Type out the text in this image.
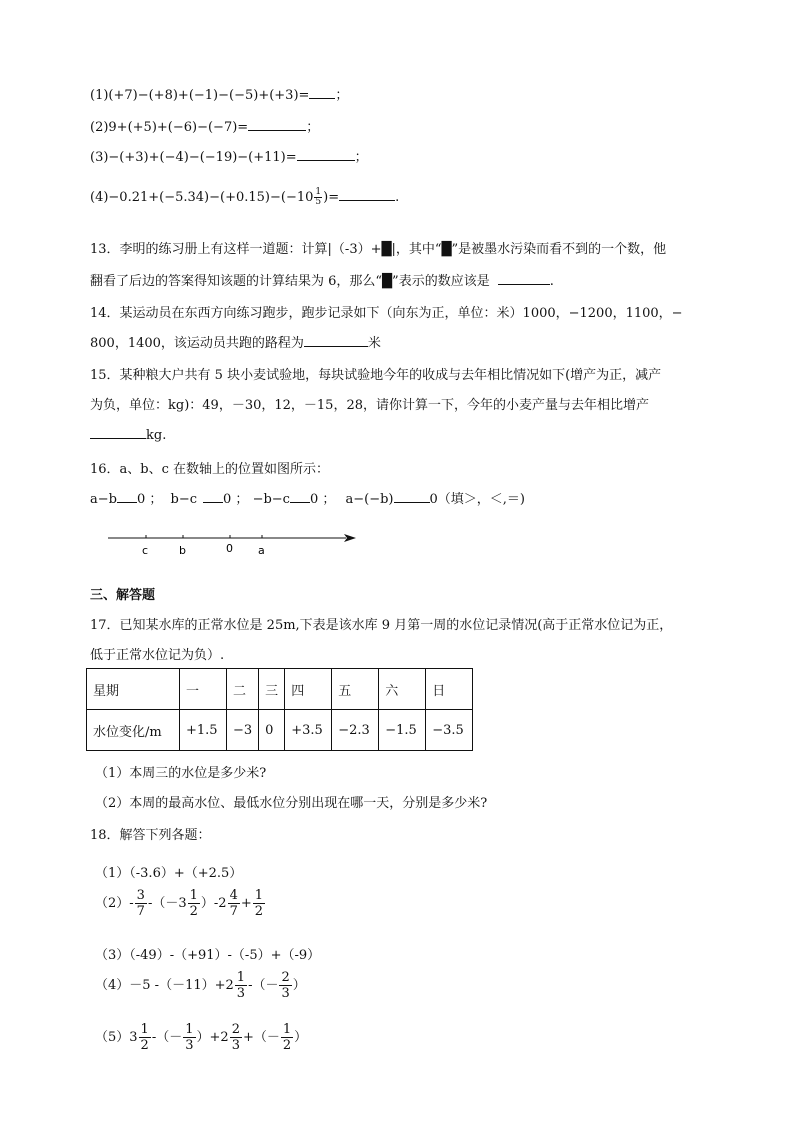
(1)(+7)−(+8)+(−1)−(−5)+(+3)= ；
(2)9+(+5)+(−6)−(−7)=	；
(3)−(+3)+(−4)−(−19)−(+11)=	；
$(4)-0.21+(-5.34)-(+0.15)-(-10 \frac{1}{5}$ )=	.
13．李明的练习册上有这样一道题：计算|（-3）+█|，其中“█”是被墨水污染而看不到的一个数，他
翻看了后边的答案得知该题的计算结果为 6，那么“█”表示的数应该是	.
14．某运动员在东西方向练习跑步，跑步记录如下（向东为正，单位：米）1000，−1200，1100，−
800，1400，该运动员共跑的路程为	米
15．某种粮大户共有 5 块小麦试验地，每块试验地今年的收成与去年相比情况如下(增产为正，减产
为负，单位：kg)：49，－30，12，－15，28，请你计算一下，今年的小麦产量与去年相比增产
kg.
16．a、b、c 在数轴上的位置如图所示：
a−b 0 ； b−c 0 ； −b−c 0 ； a−(−b)	0（填＞，＜,＝)
c	b	0 a
三、解答题
17．已知某水库的正常水位是 25m,下表是该水库 9 月第一周的水位记录情况(高于正常水位记为正，
低于正常水位记为负）.
星期	一	二	三	四	五	六	日
水位变化/m	+1.5	−3	0	+3.5	−2.3	−1.5	−3.5
（1）本周三的水位是多少米?
（2）本周的最高水位、最低水位分别出现在哪一天，分别是多少米?
18．解答下列各题：
（1）（-3.6）+（+2.5）
$(2)- \frac{3}{7} -(-3 \frac{1}{2} )-2 \frac{4}{7} + \frac{1}{2}$
（3）（-49）-（+91）-（-5）+（-9）
（4）－5 $-(-11)+2 \frac{1}{3}$ -（－ $\frac{2}{3}$ ）
$(5)3 \frac{1}{2}$ -（－ $\frac{1}{3} )+2 \frac{2}{3}$ +（－ $\frac{1}{2}$ ）
